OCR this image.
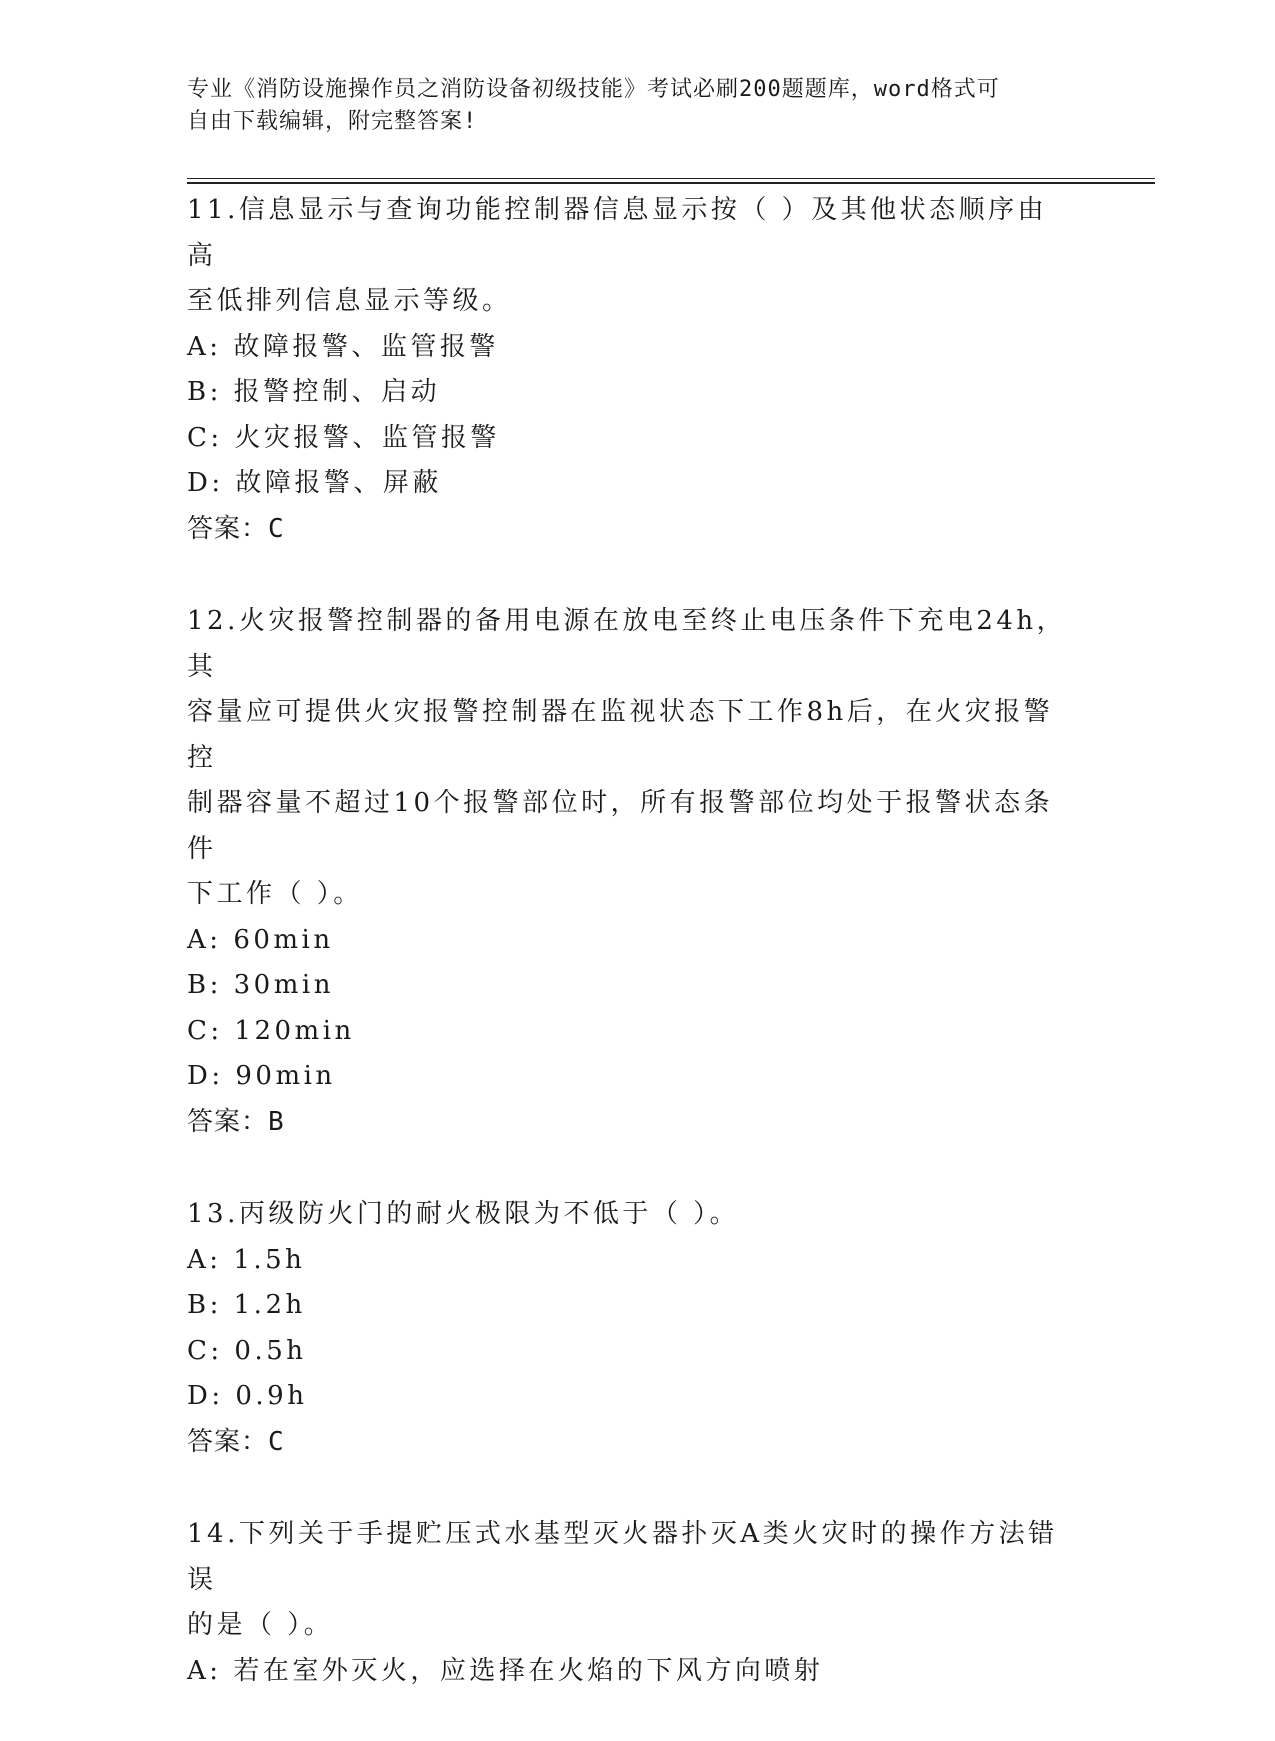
专业《消防设施操作员之消防设备初级技能》考试必刷200题题库，word格式可
自由下载编辑，附完整答案!

11.信息显示与查询功能控制器信息显示按（ ）及其他状态顺序由高

至低排列信息显示等级。

A: 故障报警、监管报警

B: 报警控制、启动

C: 火灾报警、监管报警

D: 故障报警、屏蔽

答案：C

12.火灾报警控制器的备用电源在放电至终止电压条件下充电24h，其

容量应可提供火灾报警控制器在监视状态下工作8h后，在火灾报警控

制器容量不超过10个报警部位时，所有报警部位均处于报警状态条件

下工作（ ）。

A: 60min

B: 30min

C: 120min

D: 90min

答案：B

13.丙级防火门的耐火极限为不低于（ ）。

A: 1.5h

B: 1.2h

C: 0.5h

D: 0.9h

答案：C

14.下列关于手提贮压式水基型灭火器扑灭A类火灾时的操作方法错误

的是（ ）。

A: 若在室外灭火，应选择在火焰的下风方向喷射
